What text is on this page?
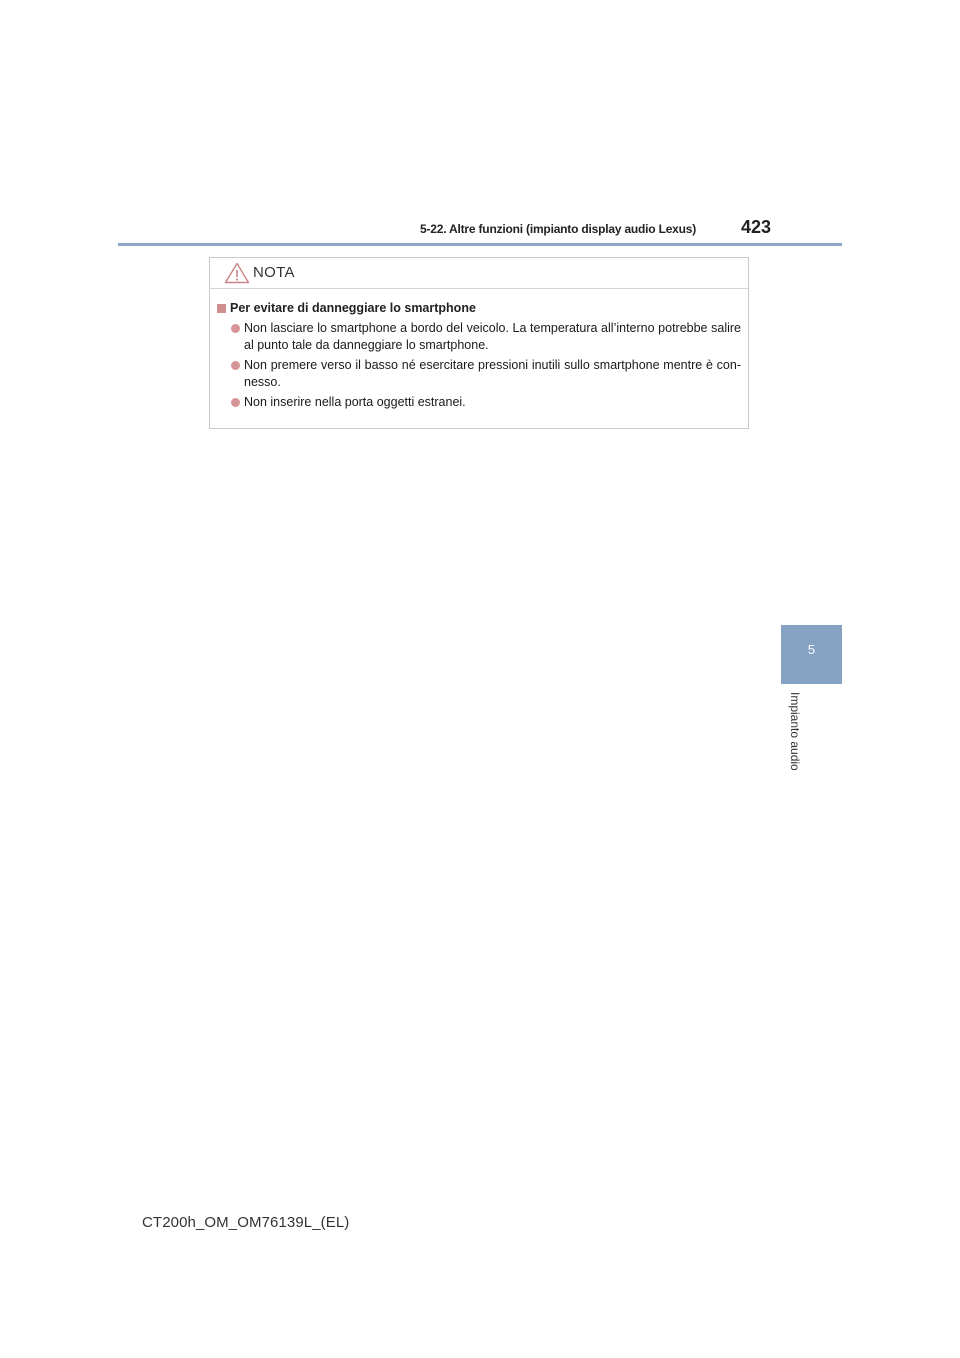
5-22. Altre funzioni (impianto display audio Lexus) 423
NOTA
Per evitare di danneggiare lo smartphone
Non lasciare lo smartphone a bordo del veicolo. La temperatura all’interno potrebbe salire al punto tale da danneggiare lo smartphone.
Non premere verso il basso né esercitare pressioni inutili sullo smartphone mentre è con-nesso.
Non inserire nella porta oggetti estranei.
5
Impianto audio
CT200h_OM_OM76139L_(EL)
